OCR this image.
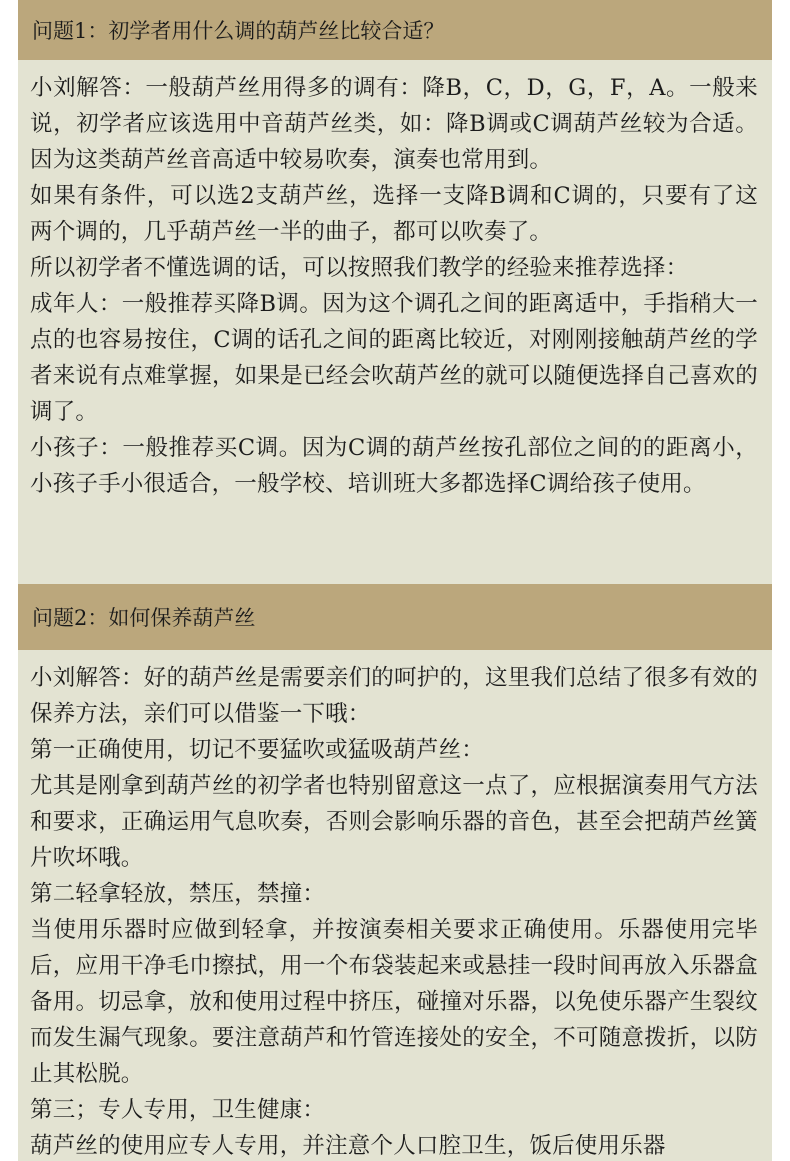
问题1：初学者用什么调的葫芦丝比较合适？

小刘解答：一般葫芦丝用得多的调有：降B，C，D，G，F，A。一般来说，初学者应该选用中音葫芦丝类，如：降B调或C调葫芦丝较为合适。因为这类葫芦丝音高适中较易吹奏，演奏也常用到。

如果有条件，可以选2支葫芦丝，选择一支降B调和C调的，只要有了这两个调的，几乎葫芦丝一半的曲子，都可以吹奏了。

所以初学者不懂选调的话，可以按照我们教学的经验来推荐选择：

成年人：一般推荐买降B调。因为这个调孔之间的距离适中，手指稍大一点的也容易按住，C调的话孔之间的距离比较近，对刚刚接触葫芦丝的学者来说有点难掌握，如果是已经会吹葫芦丝的就可以随便选择自己喜欢的调了。

小孩子：一般推荐买C调。因为C调的葫芦丝按孔部位之间的的距离小，小孩子手小很适合，一般学校、培训班大多都选择C调给孩子使用。

问题2：如何保养葫芦丝

小刘解答：好的葫芦丝是需要亲们的呵护的，这里我们总结了很多有效的保养方法，亲们可以借鉴一下哦：

第一正确使用，切记不要猛吹或猛吸葫芦丝：

尤其是刚拿到葫芦丝的初学者也特别留意这一点了，应根据演奏用气方法和要求，正确运用气息吹奏，否则会影响乐器的音色，甚至会把葫芦丝簧片吹坏哦。

第二轻拿轻放，禁压，禁撞：

当使用乐器时应做到轻拿，并按演奏相关要求正确使用。乐器使用完毕后，应用干净毛巾擦拭，用一个布袋装起来或悬挂一段时间再放入乐器盒备用。切忌拿，放和使用过程中挤压，碰撞对乐器，以免使乐器产生裂纹而发生漏气现象。要注意葫芦和竹管连接处的安全，不可随意拨折，以防止其松脱。

第三；专人专用，卫生健康：

葫芦丝的使用应专人专用，并注意个人口腔卫生，饭后使用乐器
